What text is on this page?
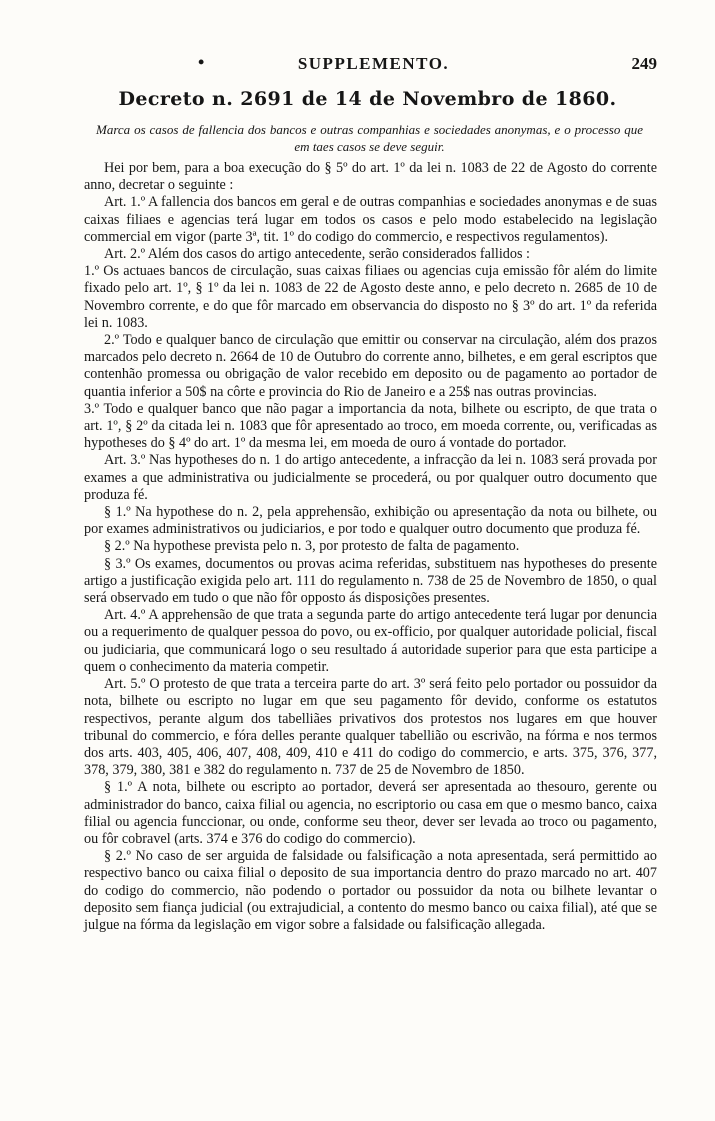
•	SUPPLEMENTO.	249
Decreto n. 2691 de 14 de Novembro de 1860.
Marca os casos de fallencia dos bancos e outras companhias e sociedades anonymas, e o processo que em taes casos se deve seguir.

Hei por bem, para a boa execução do § 5º do art. 1º da lei n. 1083 de 22 de Agosto do corrente anno, decretar o seguinte :

Art. 1.º A fallencia dos bancos em geral e de outras companhias e sociedades anonymas e de suas caixas filiaes e agencias terá lugar em todos os casos e pelo modo estabelecido na legislação commercial em vigor (parte 3ª, tit. 1º do codigo do commercio, e respectivos regulamentos).

Art. 2.º Além dos casos do artigo antecedente, serão considerados fallidos :

1.º Os actuaes bancos de circulação, suas caixas filiaes ou agencias cuja emissão fôr além do limite fixado pelo art. 1º, § 1º da lei n. 1083 de 22 de Agosto deste anno, e pelo decreto n. 2685 de 10 de Novembro corrente, e do que fôr marcado em observancia do disposto no § 3º do art. 1º da referida lei n. 1083.

2.º Todo e qualquer banco de circulação que emittir ou conservar na circulação, além dos prazos marcados pelo decreto n. 2664 de 10 de Outubro do corrente anno, bilhetes, e em geral escriptos que contenhão promessa ou obrigação de valor recebido em deposito ou de pagamento ao portador de quantia inferior a 50$ na côrte e provincia do Rio de Janeiro e a 25$ nas outras provincias.

3.º Todo e qualquer banco que não pagar a importancia da nota, bilhete ou escripto, de que trata o art. 1º, § 2º da citada lei n. 1083 que fôr apresentado ao troco, em moeda corrente, ou, verificadas as hypotheses do § 4º do art. 1º da mesma lei, em moeda de ouro á vontade do portador.

Art. 3.º Nas hypotheses do n. 1 do artigo antecedente, a infracção da lei n. 1083 será provada por exames a que administrativa ou judicialmente se procederá, ou por qualquer outro documento que produza fé.

§ 1.º Na hypothese do n. 2, pela apprehensão, exhibição ou apresentação da nota ou bilhete, ou por exames administrativos ou judiciarios, e por todo e qualquer outro documento que produza fé.

§ 2.º Na hypothese prevista pelo n. 3, por protesto de falta de pagamento.

§ 3.º Os exames, documentos ou provas acima referidas, substituem nas hypotheses do presente artigo a justificação exigida pelo art. 111 do regulamento n. 738 de 25 de Novembro de 1850, o qual será observado em tudo o que não fôr opposto ás disposições presentes.

Art. 4.º A apprehensão de que trata a segunda parte do artigo antecedente terá lugar por denuncia ou a requerimento de qualquer pessoa do povo, ou ex-officio, por qualquer autoridade policial, fiscal ou judiciaria, que communicará logo o seu resultado á autoridade superior para que esta participe a quem o conhecimento da materia competir.

Art. 5.º O protesto de que trata a terceira parte do art. 3º será feito pelo portador ou possuidor da nota, bilhete ou escripto no lugar em que seu pagamento fôr devido, conforme os estatutos respectivos, perante algum dos tabelliães privativos dos protestos nos lugares em que houver tribunal do commercio, e fóra delles perante qualquer tabellião ou escrivão, na fórma e nos termos dos arts. 403, 405, 406, 407, 408, 409, 410 e 411 do codigo do commercio, e arts. 375, 376, 377, 378, 379, 380, 381 e 382 do regulamento n. 737 de 25 de Novembro de 1850.

§ 1.º A nota, bilhete ou escripto ao portador, deverá ser apresentada ao thesouro, gerente ou administrador do banco, caixa filial ou agencia, no escriptorio ou casa em que o mesmo banco, caixa filial ou agencia funccionar, ou onde, conforme seu theor, dever ser levada ao troco ou pagamento, ou fôr cobravel (arts. 374 e 376 do codigo do commercio).

§ 2.º No caso de ser arguida de falsidade ou falsificação a nota apresentada, será permittido ao respectivo banco ou caixa filial o deposito de sua importancia dentro do prazo marcado no art. 407 do codigo do commercio, não podendo o portador ou possuidor da nota ou bilhete levantar o deposito sem fiança judicial (ou extrajudicial, a contento do mesmo banco ou caixa filial), até que se julgue na fórma da legislação em vigor sobre a falsidade ou falsificação allegada.
